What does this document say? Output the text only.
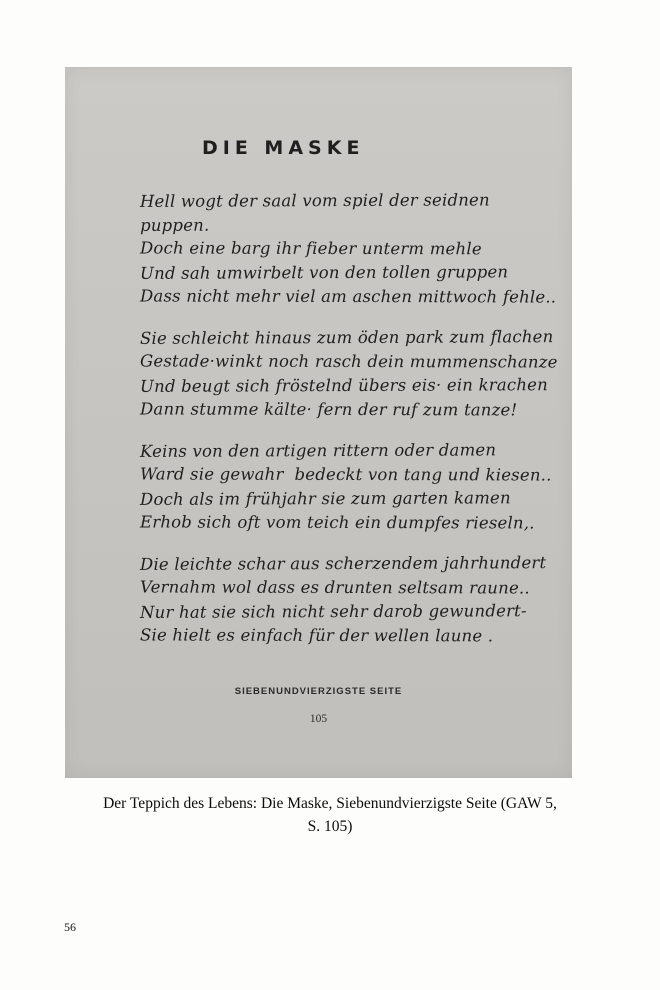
DIE MASKE
Hell wogt der saal vom spiel der seidnen puppen.
Doch eine barg ihr fieber unterm mehle
Und sah umwirbelt von den tollen gruppen
Dass nicht mehr viel am aschen mittwoch fehle..
Sie schleicht hinaus zum öden park zum flachen
Gestade·winkt noch rasch dein mummenschanze
Und beugt sich fröstelnd übers eis· ein krachen
Dann stumme kälte· fern der ruf zum tanze!
Keins von den artigen rittern oder damen
Ward sie gewahr  bedeckt von tang und kiesen..
Doch als im frühjahr sie zum garten kamen
Erhob sich oft vom teich ein dumpfes rieseln,.
Die leichte schar aus scherzendem jahrhundert
Vernahm wol dass es drunten seltsam raune..
Nur hat sie sich nicht sehr darob gewundert-
Sie hielt es einfach für der wellen laune .
SIEBENUNDVIERZIGSTE SEITE
105
Der Teppich des Lebens: Die Maske, Siebenundvierzigste Seite (GAW 5,
S. 105)
56
